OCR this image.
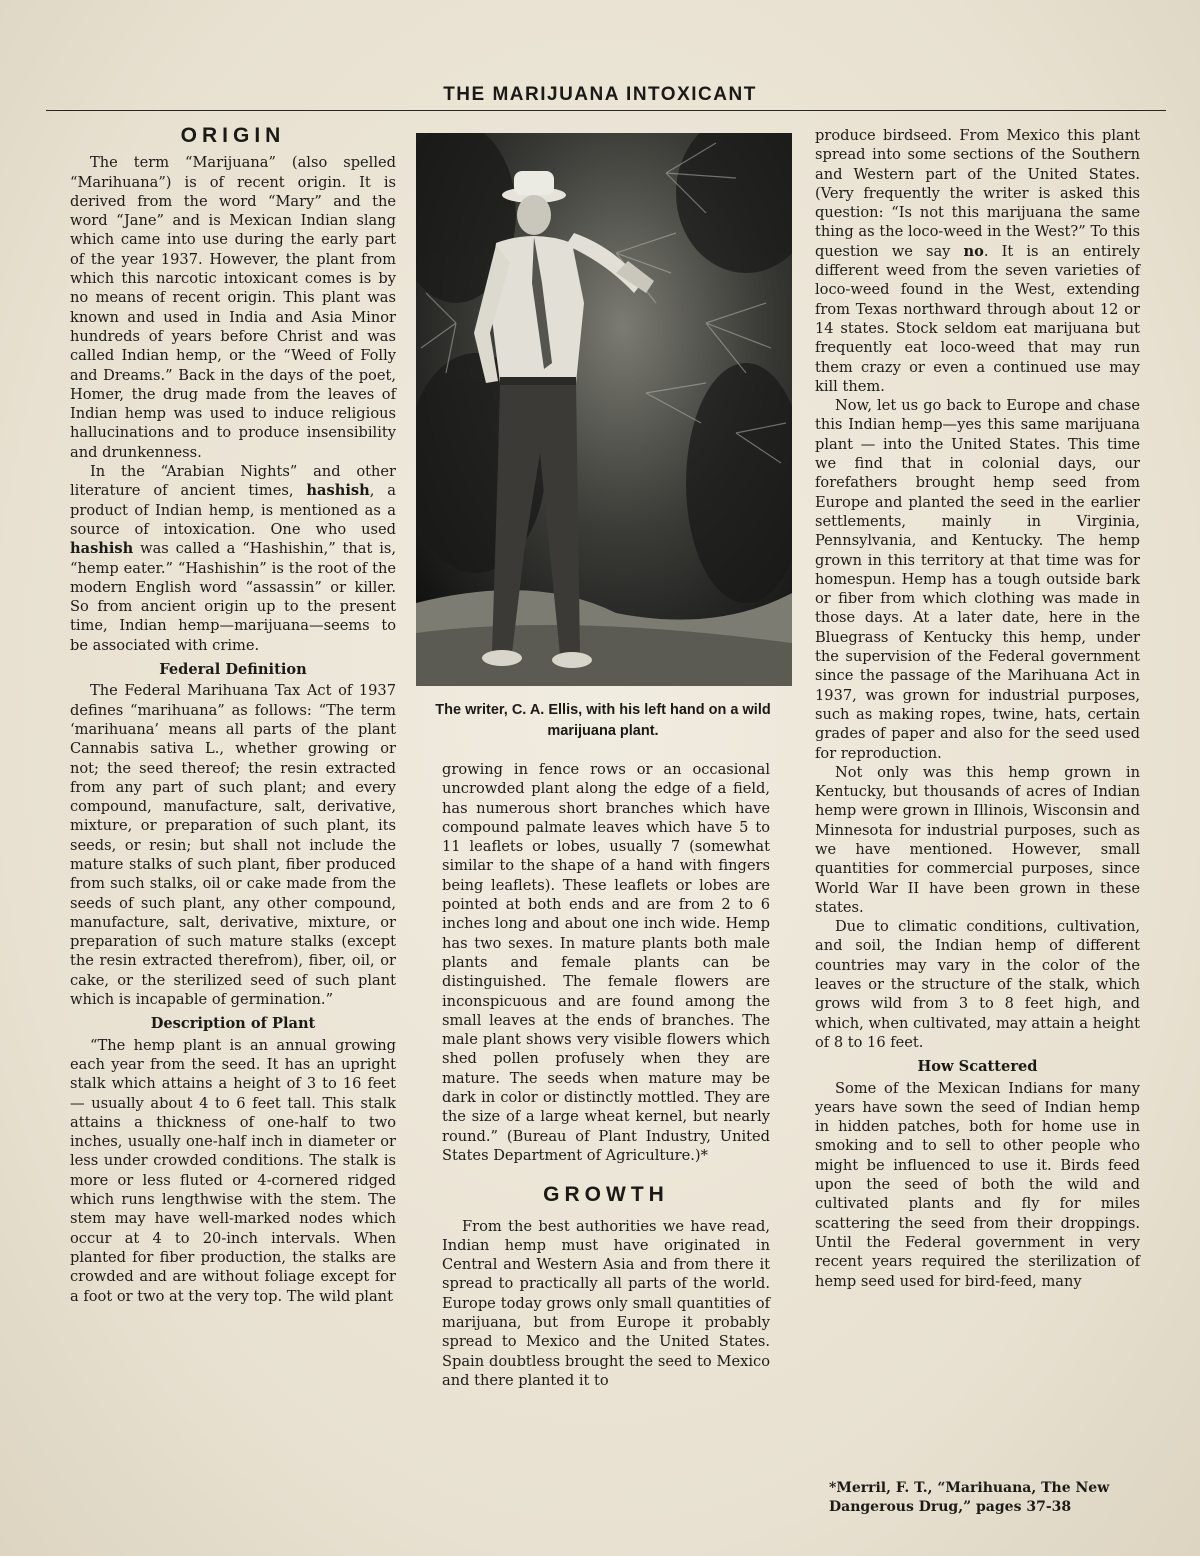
THE MARIJUANA INTOXICANT
ORIGIN

The term “Marijuana” (also spelled “Marihuana”) is of recent origin. It is derived from the word “Mary” and the word “Jane” and is Mexican Indian slang which came into use during the early part of the year 1937. However, the plant from which this narcotic intoxicant comes is by no means of recent origin. This plant was known and used in India and Asia Minor hundreds of years before Christ and was called Indian hemp, or the “Weed of Folly and Dreams.” Back in the days of the poet, Homer, the drug made from the leaves of Indian hemp was used to induce religious hallucinations and to produce insensibility and drunkenness.

In the “Arabian Nights” and other literature of ancient times, hashish, a product of Indian hemp, is mentioned as a source of intoxication. One who used hashish was called a “Hashishin,” that is, “hemp eater.” “Hashishin” is the root of the modern English word “assassin” or killer. So from ancient origin up to the present time, Indian hemp—marijuana—seems to be associated with crime.

Federal Definition

The Federal Marihuana Tax Act of 1937 defines “marihuana” as follows: “The term ‘marihuana’ means all parts of the plant Cannabis sativa L., whether growing or not; the seed thereof; the resin extracted from any part of such plant; and every compound, manufacture, salt, derivative, mixture, or preparation of such plant, its seeds, or resin; but shall not include the mature stalks of such plant, fiber produced from such stalks, oil or cake made from the seeds of such plant, any other compound, manufacture, salt, derivative, mixture, or preparation of such mature stalks (except the resin extracted therefrom), fiber, oil, or cake, or the sterilized seed of such plant which is incapable of germination.”

Description of Plant

“The hemp plant is an annual growing each year from the seed. It has an upright stalk which attains a height of 3 to 16 feet — usually about 4 to 6 feet tall. This stalk attains a thickness of one-half to two inches, usually one-half inch in diameter or less under crowded conditions. The stalk is more or less fluted or 4-cornered ridged which runs lengthwise with the stem. The stem may have well-marked nodes which occur at 4 to 20-inch intervals. When planted for fiber production, the stalks are crowded and are without foliage except for a foot or two at the very top. The wild plant

The writer, C. A. Ellis, with his left hand on a wild marijuana plant.

growing in fence rows or an occasional uncrowded plant along the edge of a field, has numerous short branches which have compound palmate leaves which have 5 to 11 leaflets or lobes, usually 7 (somewhat similar to the shape of a hand with fingers being leaflets). These leaflets or lobes are pointed at both ends and are from 2 to 6 inches long and about one inch wide. Hemp has two sexes. In mature plants both male plants and female plants can be distinguished. The female flowers are inconspicuous and are found among the small leaves at the ends of branches. The male plant shows very visible flowers which shed pollen profusely when they are mature. The seeds when mature may be dark in color or distinctly mottled. They are the size of a large wheat kernel, but nearly round.” (Bureau of Plant Industry, United States Department of Agriculture.)*

GROWTH

From the best authorities we have read, Indian hemp must have originated in Central and Western Asia and from there it spread to practically all parts of the world. Europe today grows only small quantities of marijuana, but from Europe it probably spread to Mexico and the United States. Spain doubtless brought the seed to Mexico and there planted it to

produce birdseed. From Mexico this plant spread into some sections of the Southern and Western part of the United States. (Very frequently the writer is asked this question: “Is not this marijuana the same thing as the loco-weed in the West?” To this question we say no. It is an entirely different weed from the seven varieties of loco-weed found in the West, extending from Texas northward through about 12 or 14 states. Stock seldom eat marijuana but frequently eat loco-weed that may run them crazy or even a continued use may kill them.

Now, let us go back to Europe and chase this Indian hemp—yes this same marijuana plant — into the United States. This time we find that in colonial days, our forefathers brought hemp seed from Europe and planted the seed in the earlier settlements, mainly in Virginia, Pennsylvania, and Kentucky. The hemp grown in this territory at that time was for homespun. Hemp has a tough outside bark or fiber from which clothing was made in those days. At a later date, here in the Bluegrass of Kentucky this hemp, under the supervision of the Federal government since the passage of the Marihuana Act in 1937, was grown for industrial purposes, such as making ropes, twine, hats, certain grades of paper and also for the seed used for reproduction.

Not only was this hemp grown in Kentucky, but thousands of acres of Indian hemp were grown in Illinois, Wisconsin and Minnesota for industrial purposes, such as we have mentioned. However, small quantities for commercial purposes, since World War II have been grown in these states.

Due to climatic conditions, cultivation, and soil, the Indian hemp of different countries may vary in the color of the leaves or the structure of the stalk, which grows wild from 3 to 8 feet high, and which, when cultivated, may attain a height of 8 to 16 feet.

How Scattered

Some of the Mexican Indians for many years have sown the seed of Indian hemp in hidden patches, both for home use in smoking and to sell to other people who might be influenced to use it. Birds feed upon the seed of both the wild and cultivated plants and fly for miles scattering the seed from their droppings. Until the Federal government in very recent years required the sterilization of hemp seed used for bird-feed, many

*Merril, F. T., “Marihuana, The New Dangerous Drug,” pages 37-38
